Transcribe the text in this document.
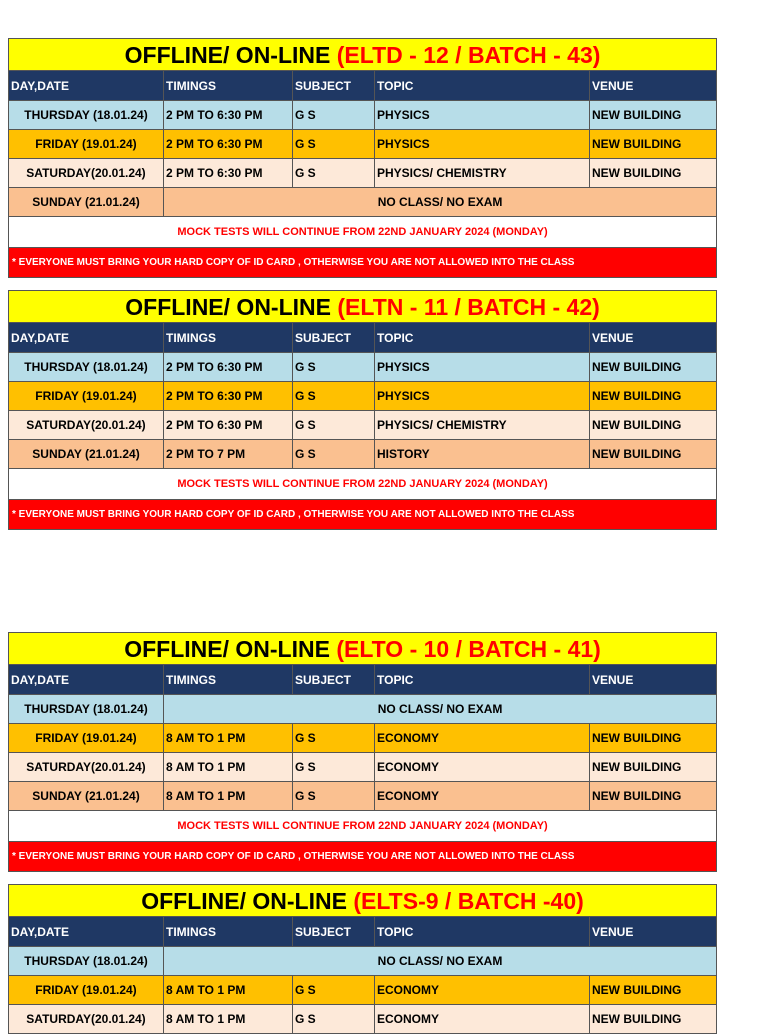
OFFLINE/ ON-LINE (ELTD - 12 / BATCH - 43)				
DAY,DATE	TIMINGS	SUBJECT	TOPIC	VENUE
THURSDAY (18.01.24)	2 PM TO 6:30 PM	G S	PHYSICS	NEW BUILDING
FRIDAY (19.01.24)	2 PM TO 6:30 PM	G S	PHYSICS	NEW BUILDING
SATURDAY(20.01.24)	2 PM TO 6:30 PM	G S	PHYSICS/ CHEMISTRY	NEW BUILDING
SUNDAY (21.01.24)	NO CLASS/ NO EXAM			
MOCK TESTS WILL CONTINUE FROM 22ND JANUARY 2024 (MONDAY)				
* EVERYONE MUST BRING YOUR HARD COPY OF ID CARD , OTHERWISE YOU ARE NOT ALLOWED INTO THE CLASS				
OFFLINE/ ON-LINE (ELTN - 11 / BATCH - 42)				
DAY,DATE	TIMINGS	SUBJECT	TOPIC	VENUE
THURSDAY (18.01.24)	2 PM TO 6:30 PM	G S	PHYSICS	NEW BUILDING
FRIDAY (19.01.24)	2 PM TO 6:30 PM	G S	PHYSICS	NEW BUILDING
SATURDAY(20.01.24)	2 PM TO 6:30 PM	G S	PHYSICS/ CHEMISTRY	NEW BUILDING
SUNDAY (21.01.24)	2 PM TO 7 PM	G S	HISTORY	NEW BUILDING
MOCK TESTS WILL CONTINUE FROM 22ND JANUARY 2024 (MONDAY)				
* EVERYONE MUST BRING YOUR HARD COPY OF ID CARD , OTHERWISE YOU ARE NOT ALLOWED INTO THE CLASS				
OFFLINE/ ON-LINE (ELTO - 10 / BATCH - 41)				
DAY,DATE	TIMINGS	SUBJECT	TOPIC	VENUE
THURSDAY (18.01.24)	NO CLASS/ NO EXAM			
FRIDAY (19.01.24)	8 AM TO 1 PM	G S	ECONOMY	NEW BUILDING
SATURDAY(20.01.24)	8 AM TO 1 PM	G S	ECONOMY	NEW BUILDING
SUNDAY (21.01.24)	8 AM TO 1 PM	G S	ECONOMY	NEW BUILDING
MOCK TESTS WILL CONTINUE FROM 22ND JANUARY 2024 (MONDAY)				
* EVERYONE MUST BRING YOUR HARD COPY OF ID CARD , OTHERWISE YOU ARE NOT ALLOWED INTO THE CLASS				
OFFLINE/ ON-LINE (ELTS-9 / BATCH -40)				
DAY,DATE	TIMINGS	SUBJECT	TOPIC	VENUE
THURSDAY (18.01.24)	NO CLASS/ NO EXAM			
FRIDAY (19.01.24)	8 AM TO 1 PM	G S	ECONOMY	NEW BUILDING
SATURDAY(20.01.24)	8 AM TO 1 PM	G S	ECONOMY	NEW BUILDING
